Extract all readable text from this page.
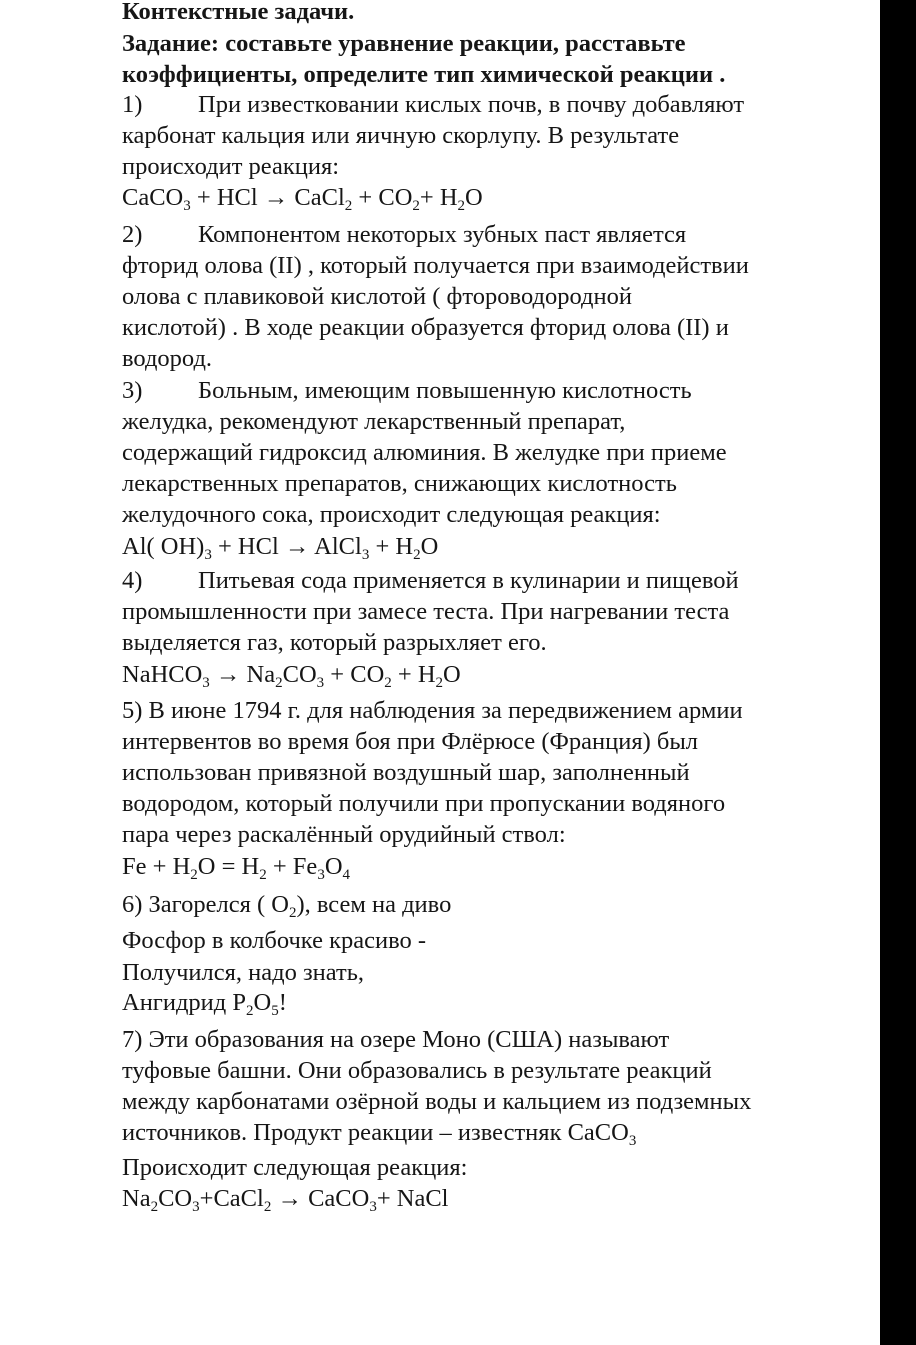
Контекстные задачи.

Задание: составьте уравнение реакции, расставьте

коэффициенты, определите тип химической реакции .

1) При известковании кислых почв, в почву добавляют

карбонат кальция или яичную скорлупу. В результате

происходит реакция:

CaCO$_3$ + HCl → CaCl$_2$ + $CO_2+ H_2O$

2) Компонентом некоторых зубных паст является

фторид олова (II) , который получается при взаимодействии

олова с плавиковой кислотой ( фтороводородной

кислотой) . В ходе реакции образуется фторид олова (II) и

водород.

3) Больным, имеющим повышенную кислотность

желудка, рекомендуют лекарственный препарат,

содержащий гидроксид алюминия. В желудке при приеме

лекарственных препаратов, снижающих кислотность

желудочного сока, происходит следующая реакция:

Al( $OH)_3$ + HCl → AlCl$_3$ + $H_2O$

4) Питьевая сода применяется в кулинарии и пищевой

промышленности при замесе теста. При нагревании теста

выделяется газ, который разрыхляет его.

NaHCO$_3$ → $Na_2CO_3 + CO_2 + H_2O$

5) В июне 1794 г. для наблюдения за передвижением армии

интервентов во время боя при Флёрюсе (Франция) был

использован привязной воздушный шар, заполненный

водородом, который получили при пропускании водяного

пара через раскалённый орудийный ствол:

$Fe + H_2O = H_2 + Fe_3O_4$

6) Загорелся ( $O_2$), всем на диво

Фосфор в колбочке красиво -

Получился, надо знать,

Ангидрид $P_2O_5$!

7) Эти образования на озере Моно (США) называют

туфовые башни. Они образовались в результате реакций

между карбонатами озёрной воды и кальцием из подземных

источников. Продукт реакции – известняк CaCO$_3$

Происходит следующая реакция:

$Na_2CO_3+CaCl_2$ → CaCO$_3$+ NaCl
